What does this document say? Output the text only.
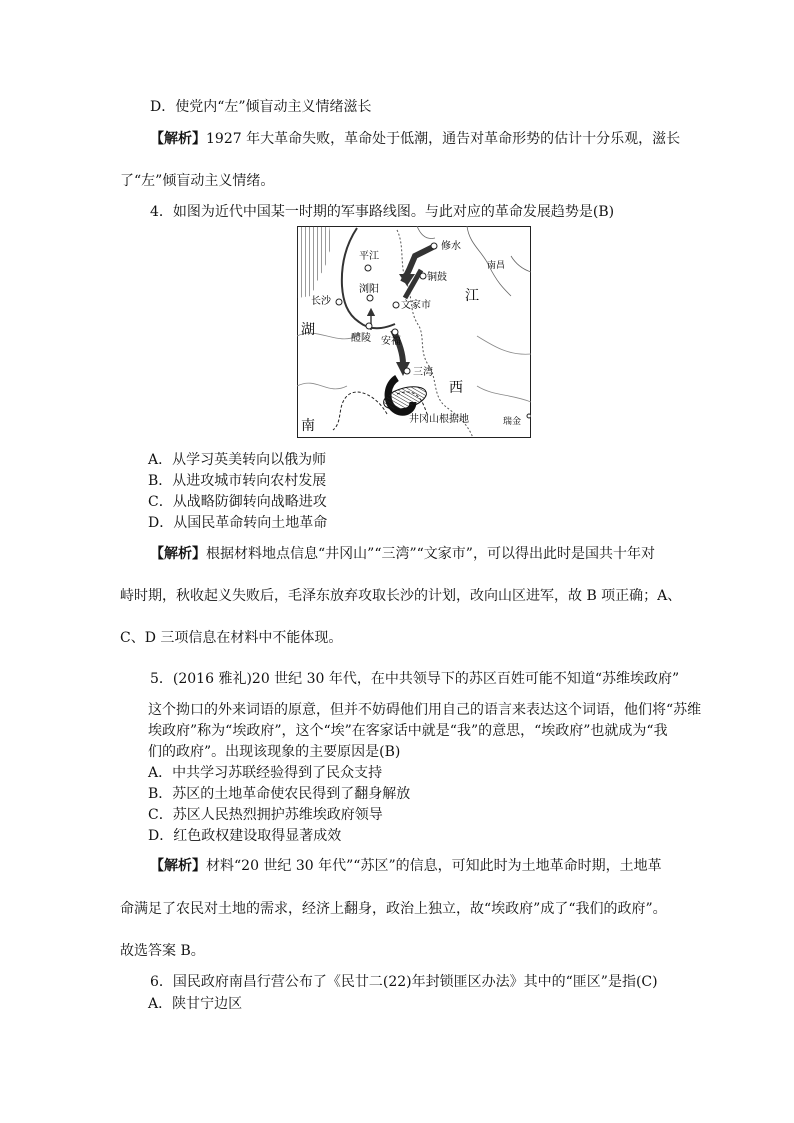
D．使党内“左”倾盲动主义情绪滋长
【解析】1927 年大革命失败，革命处于低潮，通告对革命形势的估计十分乐观，滋长
了“左”倾盲动主义情绪。
4．如图为近代中国某一时期的军事路线图。与此对应的革命发展趋势是(B)
修水
平江
铜鼓
南昌
江
长沙
浏阳
文家市
湖
醴陵 安福
三湾
西
井冈山根据地	瑞金
南
A．从学习英美转向以俄为师
B．从进攻城市转向农村发展
C．从战略防御转向战略进攻
D．从国民革命转向土地革命
【解析】根据材料地点信息“井冈山”“三湾”“文家市”，可以得出此时是国共十年对
峙时期，秋收起义失败后，毛泽东放弃攻取长沙的计划，改向山区进军，故 B 项正确；A、
C、D 三项信息在材料中不能体现。
5．(2016 雅礼)20 世纪 30 年代，在中共领导下的苏区百姓可能不知道“苏维埃政府”
这个拗口的外来词语的原意，但并不妨碍他们用自己的语言来表达这个词语，他们将“苏维
埃政府”称为“埃政府”，这个“埃”在客家话中就是“我”的意思，“埃政府”也就成为“我
们的政府”。出现该现象的主要原因是(B)
A．中共学习苏联经验得到了民众支持
B．苏区的土地革命使农民得到了翻身解放
C．苏区人民热烈拥护苏维埃政府领导
D．红色政权建设取得显著成效
【解析】材料“20 世纪 30 年代”“苏区”的信息，可知此时为土地革命时期，土地革
命满足了农民对土地的需求，经济上翻身，政治上独立，故“埃政府”成了“我们的政府”。
故选答案 B。
6．国民政府南昌行营公布了《民廿二(22)年封锁匪区办法》其中的“匪区”是指(C)
A．陕甘宁边区
